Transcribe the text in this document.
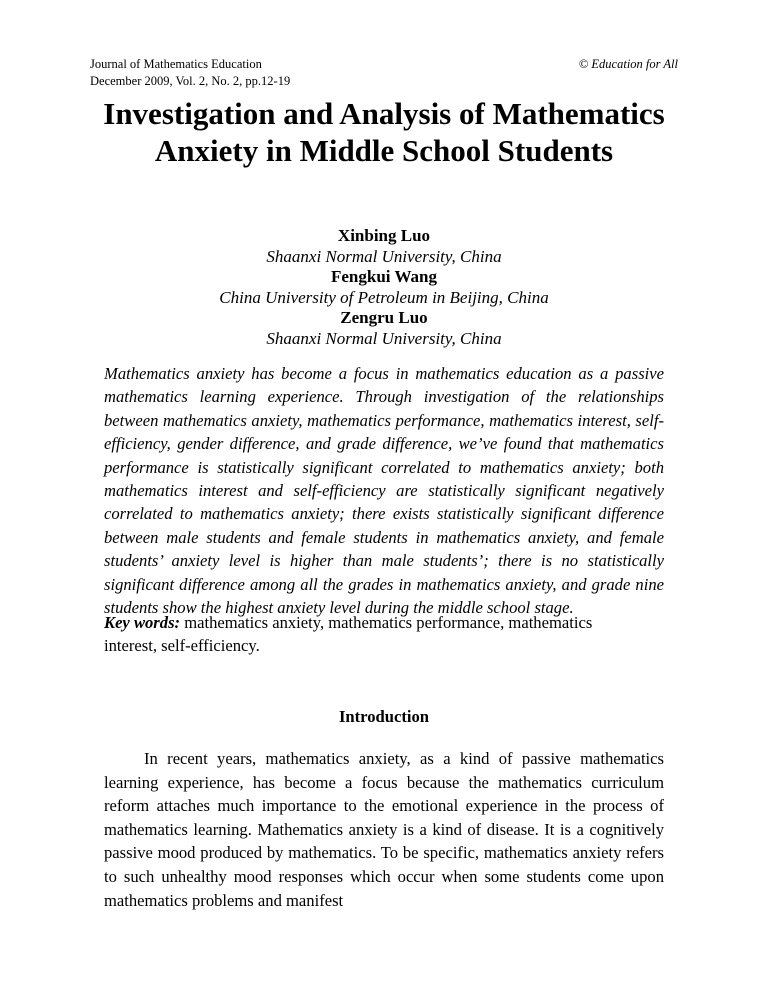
Journal of Mathematics Education
December 2009, Vol. 2, No. 2, pp.12-19
© Education for All
Investigation and Analysis of Mathematics Anxiety in Middle School Students
Xinbing Luo
Shaanxi Normal University, China
Fengkui Wang
China University of Petroleum in Beijing, China
Zengru Luo
Shaanxi Normal University, China
Mathematics anxiety has become a focus in mathematics education as a passive mathematics learning experience. Through investigation of the relationships between mathematics anxiety, mathematics performance, mathematics interest, self-efficiency, gender difference, and grade difference, we’ve found that mathematics performance is statistically significant correlated to mathematics anxiety; both mathematics interest and self-efficiency are statistically significant negatively correlated to mathematics anxiety; there exists statistically significant difference between male students and female students in mathematics anxiety, and female students’ anxiety level is higher than male students’; there is no statistically significant difference among all the grades in mathematics anxiety, and grade nine students show the highest anxiety level during the middle school stage.
Key words: mathematics anxiety, mathematics performance, mathematics interest, self-efficiency.
Introduction

In recent years, mathematics anxiety, as a kind of passive mathematics learning experience, has become a focus because the mathematics curriculum reform attaches much importance to the emotional experience in the process of mathematics learning. Mathematics anxiety is a kind of disease. It is a cognitively passive mood produced by mathematics. To be specific, mathematics anxiety refers to such unhealthy mood responses which occur when some students come upon mathematics problems and manifest
